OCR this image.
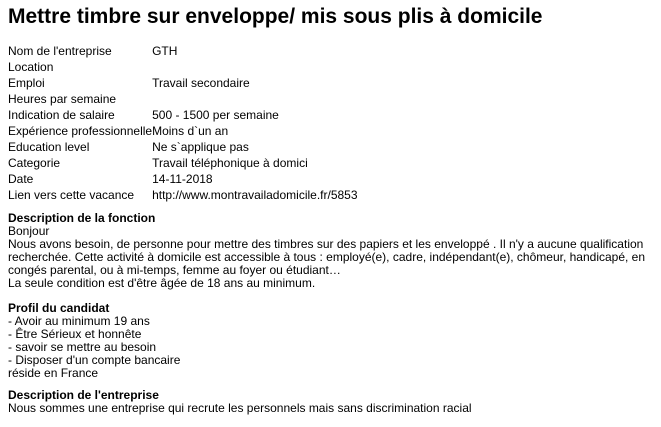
Mettre timbre sur enveloppe/ mis sous plis à domicile
Nom de l'entreprise	GTH
Location	
Emploi	Travail secondaire
Heures par semaine	
Indication de salaire	500 - 1500 per semaine
Expérience professionnelle	Moins d`un an
Education level	Ne s`applique pas
Categorie	Travail téléphonique à domici
Date	14-11-2018
Lien vers cette vacance	http://www.montravailadomicile.fr/5853
Description de la fonction
Bonjour
Nous avons besoin, de personne pour mettre des timbres sur des papiers et les enveloppé . Il n'y a aucune qualification recherchée. Cette activité à domicile est accessible à tous : employé(e), cadre, indépendant(e), chômeur, handicapé, en congés parental, ou à mi-temps, femme au foyer ou étudiant…
La seule condition est d'être âgée de 18 ans au minimum.
Profil du candidat
- Avoir au minimum 19 ans
- Être Sérieux et honnête
- savoir se mettre au besoin
- Disposer d'un compte bancaire
réside en France
Description de l'entreprise
Nous sommes une entreprise qui recrute les personnels mais sans discrimination racial
